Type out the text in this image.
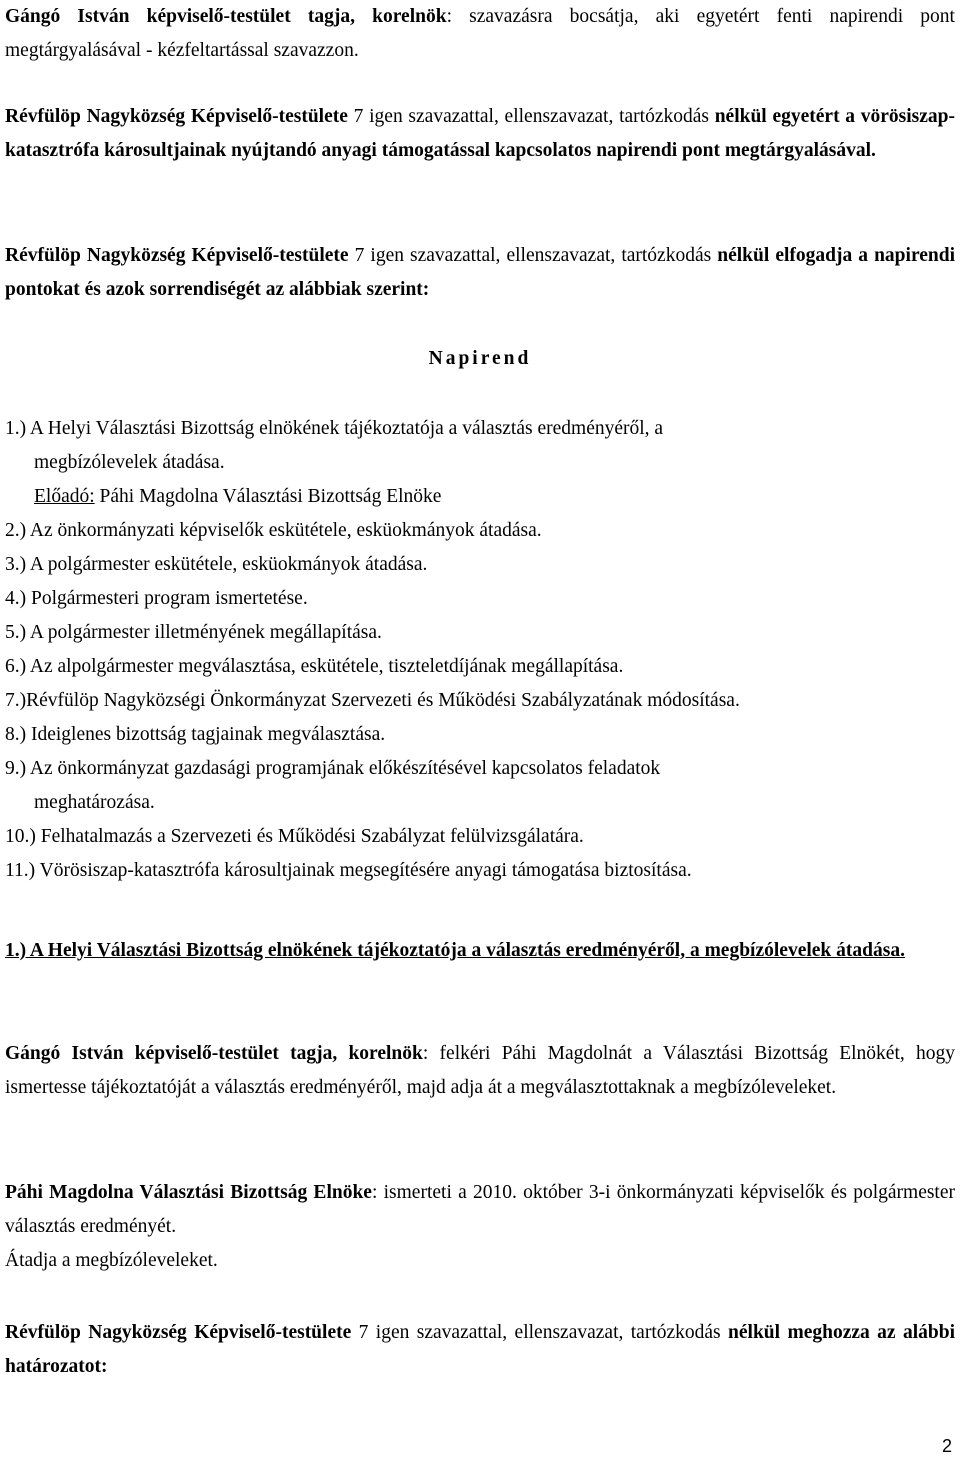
Gángó István képviselő-testület tagja, korelnök: szavazásra bocsátja, aki egyetért fenti napirendi pont megtárgyalásával - kézfeltartással szavazzon.

Révfülöp Nagyközség Képviselő-testülete 7 igen szavazattal, ellenszavazat, tartózkodás nélkül egyetért a vörösiszap-katasztrófa károsultjainak nyújtandó anyagi támogatással kapcsolatos napirendi pont megtárgyalásával.

Révfülöp Nagyközség Képviselő-testülete 7 igen szavazattal, ellenszavazat, tartózkodás nélkül elfogadja a napirendi pontokat és azok sorrendiségét az alábbiak szerint:

Napirend
1.) A Helyi Választási Bizottság elnökének tájékoztatója a választás eredményéről, a
megbízólevelek átadása.
Előadó: Páhi Magdolna Választási Bizottság Elnöke
2.) Az önkormányzati képviselők eskütétele, esküokmányok átadása.
3.) A polgármester eskütétele, esküokmányok átadása.
4.) Polgármesteri program ismertetése.
5.) A polgármester illetményének megállapítása.
6.) Az alpolgármester megválasztása, eskütétele, tiszteletdíjának megállapítása.
7.)Révfülöp Nagyközségi Önkormányzat Szervezeti és Működési Szabályzatának módosítása.
8.) Ideiglenes bizottság tagjainak megválasztása.
9.) Az önkormányzat gazdasági programjának előkészítésével kapcsolatos feladatok
meghatározása.
10.) Felhatalmazás a Szervezeti és Működési Szabályzat felülvizsgálatára.
11.) Vörösiszap-katasztrófa károsultjainak megsegítésére anyagi támogatása biztosítása.

1.) A Helyi Választási Bizottság elnökének tájékoztatója a választás eredményéről, a megbízólevelek átadása.

Gángó István képviselő-testület tagja, korelnök: felkéri Páhi Magdolnát a Választási Bizottság Elnökét, hogy ismertesse tájékoztatóját a választás eredményéről, majd adja át a megválasztottaknak a megbízóleveleket.

Páhi Magdolna Választási Bizottság Elnöke: ismerteti a 2010. október 3-i önkormányzati képviselők és polgármester választás eredményét.

Átadja a megbízóleveleket.

Révfülöp Nagyközség Képviselő-testülete 7 igen szavazattal, ellenszavazat, tartózkodás nélkül meghozza az alábbi határozatot:

2
